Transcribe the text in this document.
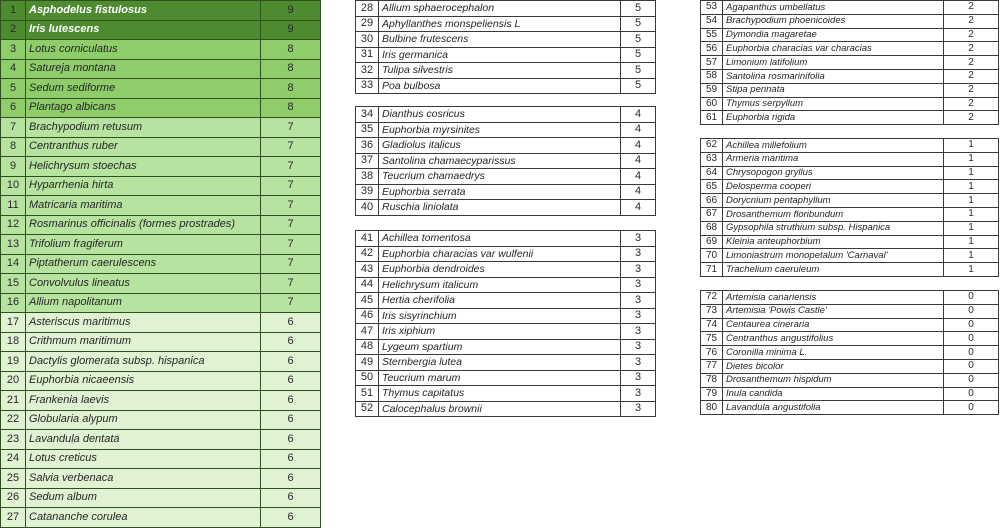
1	Asphodelus fistulosus	9
2	Iris lutescens	9
3	Lotus corniculatus	8
4	Satureja montana	8
5	Sedum sediforme	8
6	Plantago albicans	8
7	Brachypodium retusum	7
8	Centranthus ruber	7
9	Helichrysum stoechas	7
10	Hyparrhenia hirta	7
11	Matricaria maritima	7
12	Rosmarinus officinalis (formes prostrades)	7
13	Trifolium fragiferum	7
14	Piptatherum caerulescens	7
15	Convolvulus lineatus	7
16	Allium napolitanum	7
17	Asteriscus maritimus	6
18	Crithmum maritimum	6
19	Dactylis glomerata subsp. hispanica	6
20	Euphorbia nicaeensis	6
21	Frankenia laevis	6
22	Globularia alypum	6
23	Lavandula dentata	6
24	Lotus creticus	6
25	Salvia verbenaca	6
26	Sedum album	6
27	Catananche corulea	6
28	Allium sphaerocephalon	5
29	Aphyllanthes monspeliensis L	5
30	Bulbine frutescens	5
31	Iris germanica	5
32	Tulipa silvestris	5
33	Poa bulbosa	5
34	Dianthus cosricus	4
35	Euphorbia myrsinites	4
36	Gladiolus italicus	4
37	Santolina chamaecyparissus	4
38	Teucrium chamaedrys	4
39	Euphorbia serrata	4
40	Ruschia liniolata	4
41	Achillea tomentosa	3
42	Euphorbia characias var wulfenii	3
43	Euphorbia dendroides	3
44	Helichrysum italicum	3
45	Hertia cherifolia	3
46	Iris sisyrinchium	3
47	Iris xiphium	3
48	Lygeum spartium	3
49	Sternbergia lutea	3
50	Teucrium marum	3
51	Thymus capitatus	3
52	Calocephalus brownii	3
53	Agapanthus umbellatus	2
54	Brachypodium phoenicoides	2
55	Dymondia magaretae	2
56	Euphorbia characias var characias	2
57	Limonium latifolium	2
58	Santolina rosmarinifolia	2
59	Stipa pennata	2
60	Thymus serpyllum	2
61	Euphorbia rigida	2
62	Achillea millefolium	1
63	Armeria maritima	1
64	Chrysopogon gryllus	1
65	Delosperma cooperi	1
66	Dorycnium pentaphyllum	1
67	Drosanthemum floribundum	1
68	Gypsophila struthium subsp. Hispanica	1
69	Kleinia anteuphorbium	1
70	Limoniastrum monopetalum 'Carnaval'	1
71	Trachelium caeruleum	1
72	Artemisia canariensis	0
73	Artemisia 'Powis Castle'	0
74	Centaurea cineraria	0
75	Centranthus angustifolius	0
76	Coronilla minima L.	0
77	Dietes bicolor	0
78	Drosanthemum hispidum	0
79	Inula candida	0
80	Lavandula angustifolia	0
